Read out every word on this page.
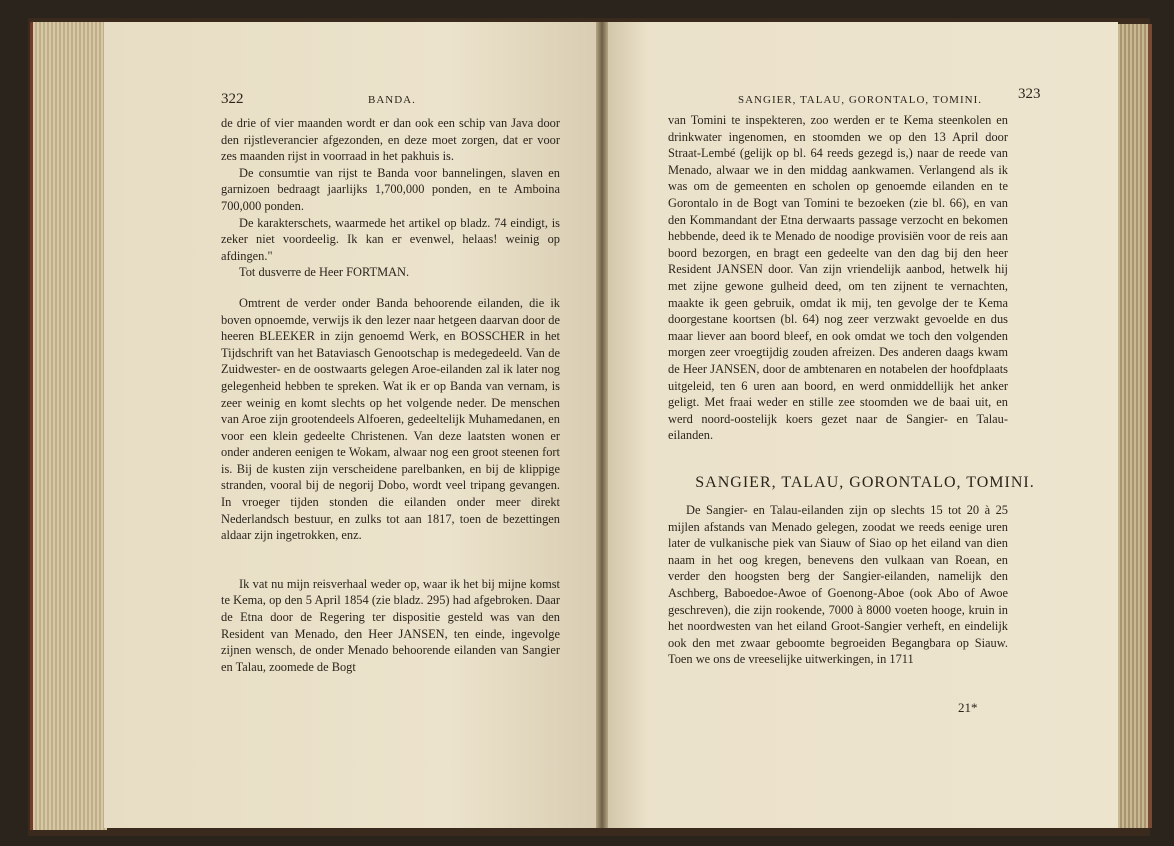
322	BANDA.

de drie of vier maanden wordt er dan ook een schip van Java door den rijstleverancier afgezonden, en deze moet zorgen, dat er voor zes maanden rijst in voorraad in het pakhuis is.

De consumtie van rijst te Banda voor bannelingen, slaven en garnizoen bedraagt jaarlijks 1,700,000 ponden, en te Amboina 700,000 ponden.

De karakterschets, waarmede het artikel op bladz. 74 eindigt, is zeker niet voordeelig. Ik kan er evenwel, helaas! weinig op afdingen."

Tot dusverre de Heer FORTMAN.

Omtrent de verder onder Banda behoorende eilanden, die ik boven opnoemde, verwijs ik den lezer naar hetgeen daarvan door de heeren BLEEKER in zijn genoemd Werk, en BOSSCHER in het Tijdschrift van het Bataviasch Genootschap is medegedeeld. Van de Zuidwester- en de oostwaarts gelegen Aroe-eilanden zal ik later nog gelegenheid hebben te spreken. Wat ik er op Banda van vernam, is zeer weinig en komt slechts op het volgende neder. De menschen van Aroe zijn grootendeels Alfoeren, gedeeltelijk Muhamedanen, en voor een klein gedeelte Christenen. Van deze laatsten wonen er onder anderen eenigen te Wokam, alwaar nog een groot steenen fort is. Bij de kusten zijn verscheidene parelbanken, en bij de klippige stranden, vooral bij de negorij Dobo, wordt veel tripang gevangen. In vroeger tijden stonden die eilanden onder meer direkt Nederlandsch bestuur, en zulks tot aan 1817, toen de bezettingen aldaar zijn ingetrokken, enz.

Ik vat nu mijn reisverhaal weder op, waar ik het bij mijne komst te Kema, op den 5 April 1854 (zie bladz. 295) had afgebroken. Daar de Etna door de Regering ter dispositie gesteld was van den Resident van Menado, den Heer JANSEN, ten einde, ingevolge zijnen wensch, de onder Menado behoorende eilanden van Sangier en Talau, zoomede de Bogt

SANGIER, TALAU, GORONTALO, TOMINI. 323

van Tomini te inspekteren, zoo werden er te Kema steenkolen en drinkwater ingenomen, en stoomden we op den 13 April door Straat-Lembé (gelijk op bl. 64 reeds gezegd is,) naar de reede van Menado, alwaar we in den middag aankwamen. Verlangend als ik was om de gemeenten en scholen op genoemde eilanden en te Gorontalo in de Bogt van Tomini te bezoeken (zie bl. 66), en van den Kommandant der Etna derwaarts passage verzocht en bekomen hebbende, deed ik te Menado de noodige provisiën voor de reis aan boord bezorgen, en bragt een gedeelte van den dag bij den heer Resident JANSEN door. Van zijn vriendelijk aanbod, hetwelk hij met zijne gewone gulheid deed, om ten zijnent te vernachten, maakte ik geen gebruik, omdat ik mij, ten gevolge der te Kema doorgestane koortsen (bl. 64) nog zeer verzwakt gevoelde en dus maar liever aan boord bleef, en ook omdat we toch den volgenden morgen zeer vroegtijdig zouden afreizen. Des anderen daags kwam de Heer JANSEN, door de ambtenaren en notabelen der hoofdplaats uitgeleid, ten 6 uren aan boord, en werd onmiddellijk het anker geligt. Met fraai weder en stille zee stoomden we de baai uit, en werd noord-oostelijk koers gezet naar de Sangier- en Talau-eilanden.

SANGIER, TALAU, GORONTALO, TOMINI.

De Sangier- en Talau-eilanden zijn op slechts 15 tot 20 à 25 mijlen afstands van Menado gelegen, zoodat we reeds eenige uren later de vulkanische piek van Siauw of Siao op het eiland van dien naam in het oog kregen, benevens den vulkaan van Roean, en verder den hoogsten berg der Sangier-eilanden, namelijk den Aschberg, Baboedoe-Awoe of Goenong-Aboe (ook Abo of Awoe geschreven), die zijn rookende, 7000 à 8000 voeten hooge, kruin in het noordwesten van het eiland Groot-Sangier verheft, en eindelijk ook den met zwaar geboomte begroeiden Begangbara op Siauw. Toen we ons de vreeselijke uitwerkingen, in 1711

21*
